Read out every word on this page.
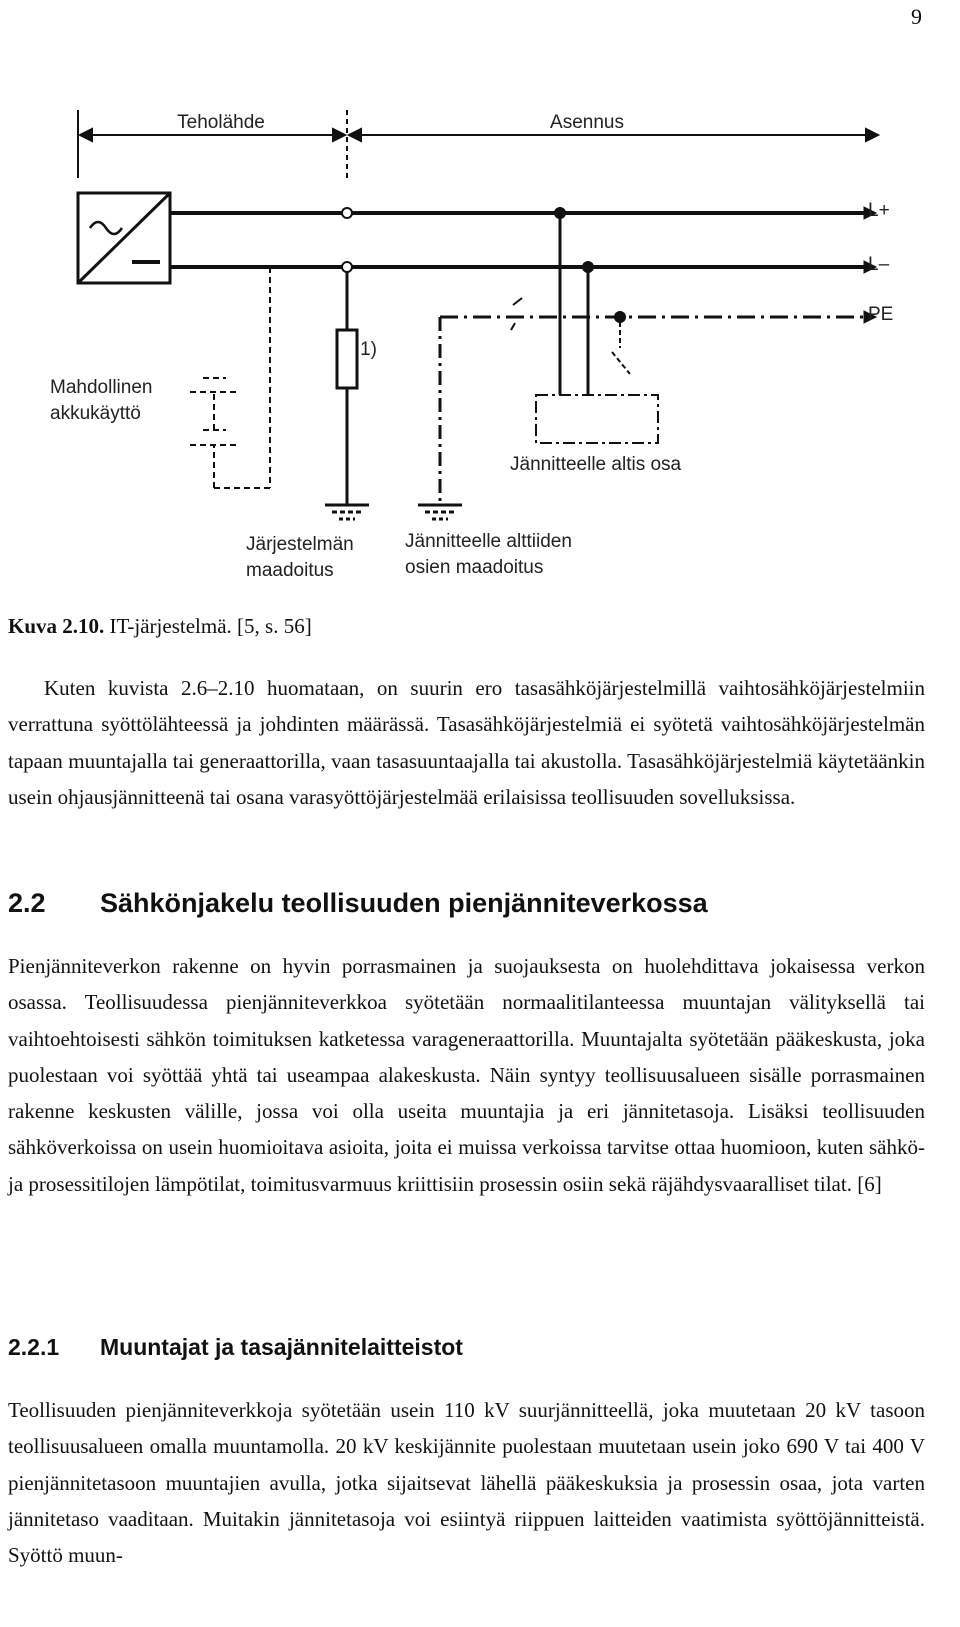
9
Teholähde	Asennus
L+
L–
PE
1)
Mahdollinen
akkukäyttö
Jännitteelle altis osa
Järjestelmän
maadoitus
Jännitteelle alttiiden
osien maadoitus
Kuva 2.10. IT-järjestelmä. [5, s. 56]

Kuten kuvista 2.6–2.10 huomataan, on suurin ero tasasähköjärjestelmillä vaihtosähköjärjestelmiin verrattuna syöttölähteessä ja johdinten määrässä. Tasasähköjärjestelmiä ei syötetä vaihtosähköjärjestelmän tapaan muuntajalla tai generaattorilla, vaan tasasuuntaajalla tai akustolla. Tasasähköjärjestelmiä käytetäänkin usein ohjausjännitteenä tai osana varasyöttöjärjestelmää erilaisissa teollisuuden sovelluksissa.

2.2 Sähkönjakelu teollisuuden pienjänniteverkossa

Pienjänniteverkon rakenne on hyvin porrasmainen ja suojauksesta on huolehdittava jokaisessa verkon osassa. Teollisuudessa pienjänniteverkkoa syötetään normaalitilanteessa muuntajan välityksellä tai vaihtoehtoisesti sähkön toimituksen katketessa varageneraattorilla. Muuntajalta syötetään pääkeskusta, joka puolestaan voi syöttää yhtä tai useampaa alakeskusta. Näin syntyy teollisuusalueen sisälle porrasmainen rakenne keskusten välille, jossa voi olla useita muuntajia ja eri jännitetasoja. Lisäksi teollisuuden sähköverkoissa on usein huomioitava asioita, joita ei muissa verkoissa tarvitse ottaa huomioon, kuten sähkö- ja prosessitilojen lämpötilat, toimitusvarmuus kriittisiin prosessin osiin sekä räjähdysvaaralliset tilat. [6]

2.2.1 Muuntajat ja tasajännitelaitteistot

Teollisuuden pienjänniteverkkoja syötetään usein 110 kV suurjännitteellä, joka muutetaan 20 kV tasoon teollisuusalueen omalla muuntamolla. 20 kV keskijännite puolestaan muutetaan usein joko 690 V tai 400 V pienjännitetasoon muuntajien avulla, jotka sijaitsevat lähellä pääkeskuksia ja prosessin osaa, jota varten jännitetaso vaaditaan. Muitakin jännitetasoja voi esiintyä riippuen laitteiden vaatimista syöttöjännitteistä. Syöttö muun-
